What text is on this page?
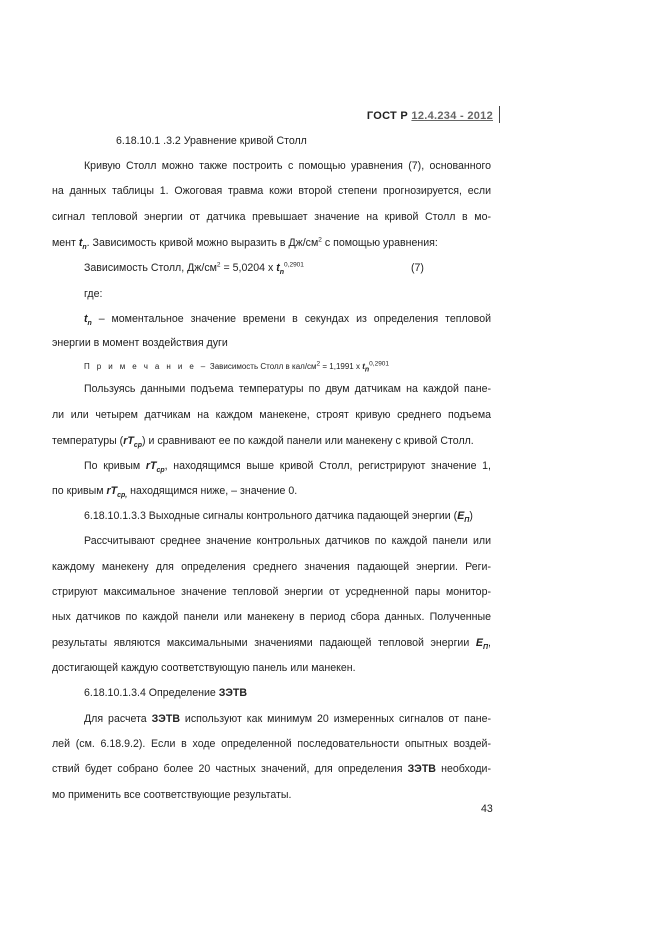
ГОСТ Р 12.4.234 - 2012
6.18.10.1 .3.2 Уравнение кривой Столл
Кривую Столл можно также построить с помощью уравнения (7), основанного
на данных таблицы 1. Ожоговая травма кожи второй степени прогнозируется, если
сигнал тепловой энергии от датчика превышает значение на кривой Столл в мо-
мент $t_n$. Зависимость кривой можно выразить в $Дж/см^2$ с помощью уравнения:
Зависимость Столл, $Дж/см^2 = 5,0204$ x $t_n^{0,2901}$	(7)
где:
$t_n$ – моментальное значение времени в секундах из определения тепловой
энергии в момент воздействия дуги
П р и м е ч а н и е – Зависимость Столл в кал/$см^2 = 1,1991$ x $t_n^{0,2901}$
Пользуясь данными подъема температуры по двум датчикам на каждой пане-
ли или четырем датчикам на каждом манекене, строят кривую среднего подъема
температуры $(rT_{ср})$ и сравнивают ее по каждой панели или манекену с кривой Столл.
По кривым $rT_{ср}$, находящимся выше кривой Столл, регистрируют значение 1,
по кривым $rT_{ср,}$ находящимся ниже, – значение 0.
6.18.10.1.3.3 Выходные сигналы контрольного датчика падающей энергии $(E_П)$
Рассчитывают среднее значение контрольных датчиков по каждой панели или
каждому манекену для определения среднего значения падающей энергии. Реги-
стрируют максимальное значение тепловой энергии от усредненной пары монитор-
ных датчиков по каждой панели или манекену в период сбора данных. Полученные
результаты являются максимальными значениями падающей тепловой энергии $E_П$,
достигающей каждую соответствующую панель или манекен.
6.18.10.1.3.4 Определение ЗЭТВ
Для расчета ЗЭТВ используют как минимум 20 измеренных сигналов от пане-
лей (см. 6.18.9.2). Если в ходе определенной последовательности опытных воздей-
ствий будет собрано более 20 частных значений, для определения ЗЭТВ необходи-
мо применить все соответствующие результаты.
43
